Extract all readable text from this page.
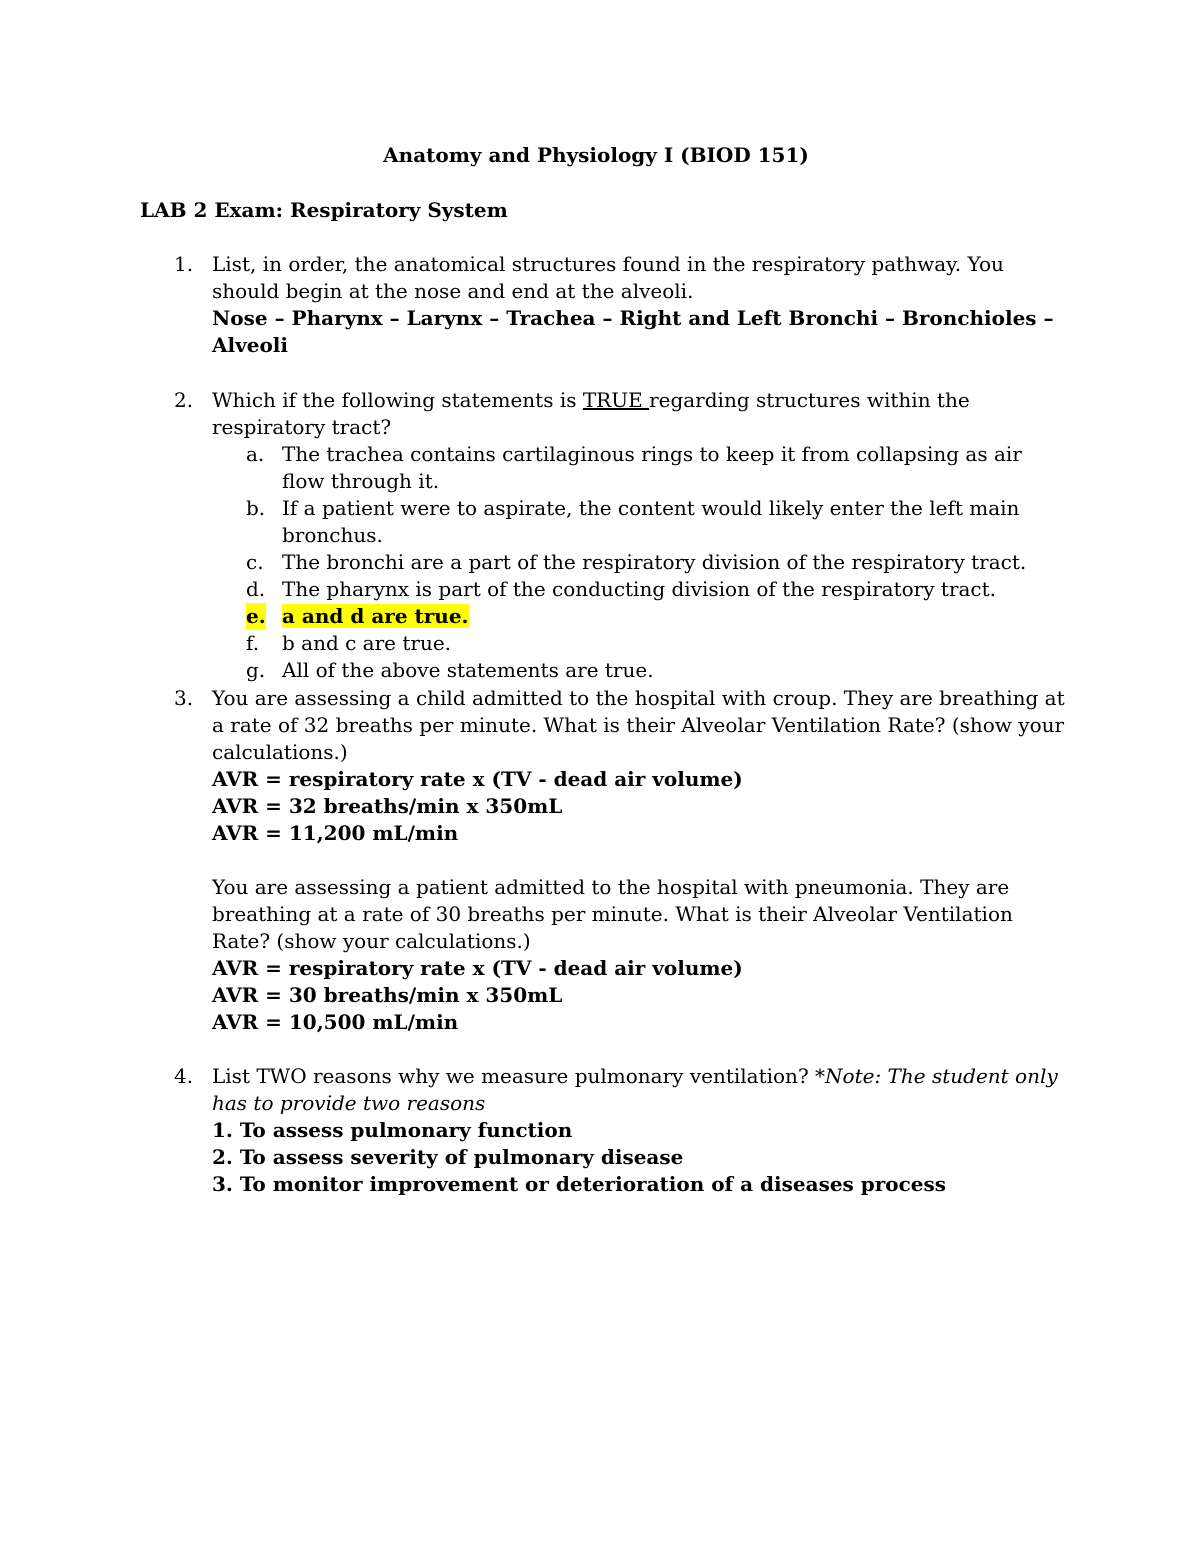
Anatomy and Physiology I (BIOD 151)
LAB 2 Exam: Respiratory System
1. List, in order, the anatomical structures found in the respiratory pathway. You should begin at the nose and end at the alveoli.
Nose – Pharynx – Larynx – Trachea – Right and Left Bronchi – Bronchioles – Alveoli
2. Which if the following statements is TRUE regarding structures within the respiratory tract?
a. The trachea contains cartilaginous rings to keep it from collapsing as air flow through it.
b. If a patient were to aspirate, the content would likely enter the left main bronchus.
c. The bronchi are a part of the respiratory division of the respiratory tract.
d. The pharynx is part of the conducting division of the respiratory tract.
e. a and d are true.
f. b and c are true.
g. All of the above statements are true.
3. You are assessing a child admitted to the hospital with croup. They are breathing at a rate of 32 breaths per minute. What is their Alveolar Ventilation Rate? (show your calculations.)
AVR = respiratory rate x (TV - dead air volume)
AVR = 32 breaths/min x 350mL
AVR = 11,200 mL/min
You are assessing a patient admitted to the hospital with pneumonia. They are breathing at a rate of 30 breaths per minute. What is their Alveolar Ventilation Rate? (show your calculations.)
AVR = respiratory rate x (TV - dead air volume)
AVR = 30 breaths/min x 350mL
AVR = 10,500 mL/min
4. List TWO reasons why we measure pulmonary ventilation? *Note: The student only has to provide two reasons
1. To assess pulmonary function
2. To assess severity of pulmonary disease
3. To monitor improvement or deterioration of a diseases process
